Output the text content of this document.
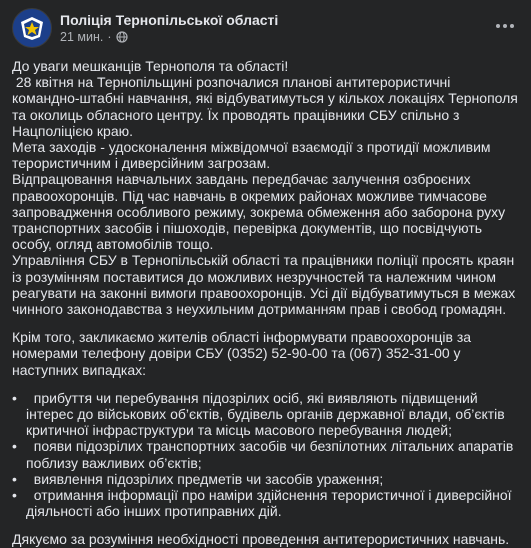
Поліція Тернопільської області
21 мин. ·

До уваги мешканців Тернополя та області!

28 квітня на Тернопільщині розпочалися планові антитерористичні командно-штабні навчання, які відбуватимуться у кількох локаціях Тернополя та околиць обласного центру. Їх проводять працівники СБУ спільно з Нацполіцією краю.

Мета заходів - удосконалення міжвідомчої взаємодії з протидії можливим терористичним і диверсійним загрозам.

Відпрацювання навчальних завдань передбачає залучення озброєних правоохоронців. Під час навчань в окремих районах можливе тимчасове запровадження особливого режиму, зокрема обмеження або заборона руху транспортних засобів і пішоходів, перевірка документів, що посвідчують особу, огляд автомобілів тощо.

Управління СБУ в Тернопільській області та працівники поліції просять краян із розумінням поставитися до можливих незручностей та належним чином реагувати на законні вимоги правоохоронців. Усі дії відбуватимуться в межах чинного законодавства з неухильним дотриманням прав і свобод громадян.

Крім того, закликаємо жителів області інформувати правоохоронців за номерами телефону довіри СБУ (0352) 52-90-00 та (067) 352-31-00 у наступних випадках:

• прибуття чи перебування підозрілих осіб, які виявляють підвищений інтерес до військових об’єктів, будівель органів державної влади, об’єктів критичної інфраструктури та місць масового перебування людей;

• появи підозрілих транспортних засобів чи безпілотних літальних апаратів поблизу важливих об’єктів;

• виявлення підозрілих предметів чи засобів ураження;

• отримання інформації про наміри здійснення терористичної і диверсійної діяльності або інших протиправних дій.

Дякуємо за розуміння необхідності проведення антитерористичних навчань.
